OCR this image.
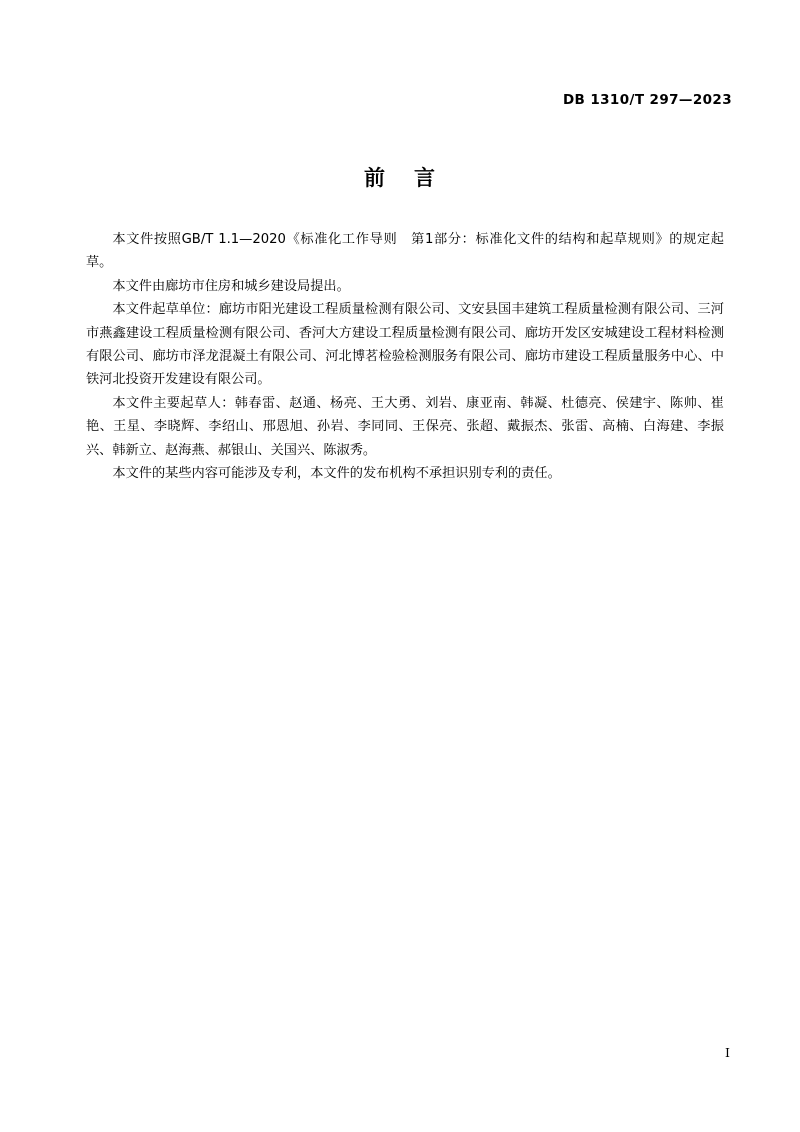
DB 1310/T 297—2023
前 言

本文件按照GB/T 1.1—2020《标准化工作导则　第1部分：标准化文件的结构和起草规则》的规定起草。

本文件由廊坊市住房和城乡建设局提出。

本文件起草单位：廊坊市阳光建设工程质量检测有限公司、文安县国丰建筑工程质量检测有限公司、三河市燕鑫建设工程质量检测有限公司、香河大方建设工程质量检测有限公司、廊坊开发区安城建设工程材料检测有限公司、廊坊市泽龙混凝土有限公司、河北博茗检验检测服务有限公司、廊坊市建设工程质量服务中心、中铁河北投资开发建设有限公司。

本文件主要起草人：韩春雷、赵通、杨亮、王大勇、刘岩、康亚南、韩凝、杜德亮、侯建宇、陈帅、崔艳、王星、李晓辉、李绍山、邢恩旭、孙岩、李同同、王保亮、张超、戴振杰、张雷、高楠、白海建、李振兴、韩新立、赵海燕、郝银山、关国兴、陈淑秀。

本文件的某些内容可能涉及专利，本文件的发布机构不承担识别专利的责任。

I
